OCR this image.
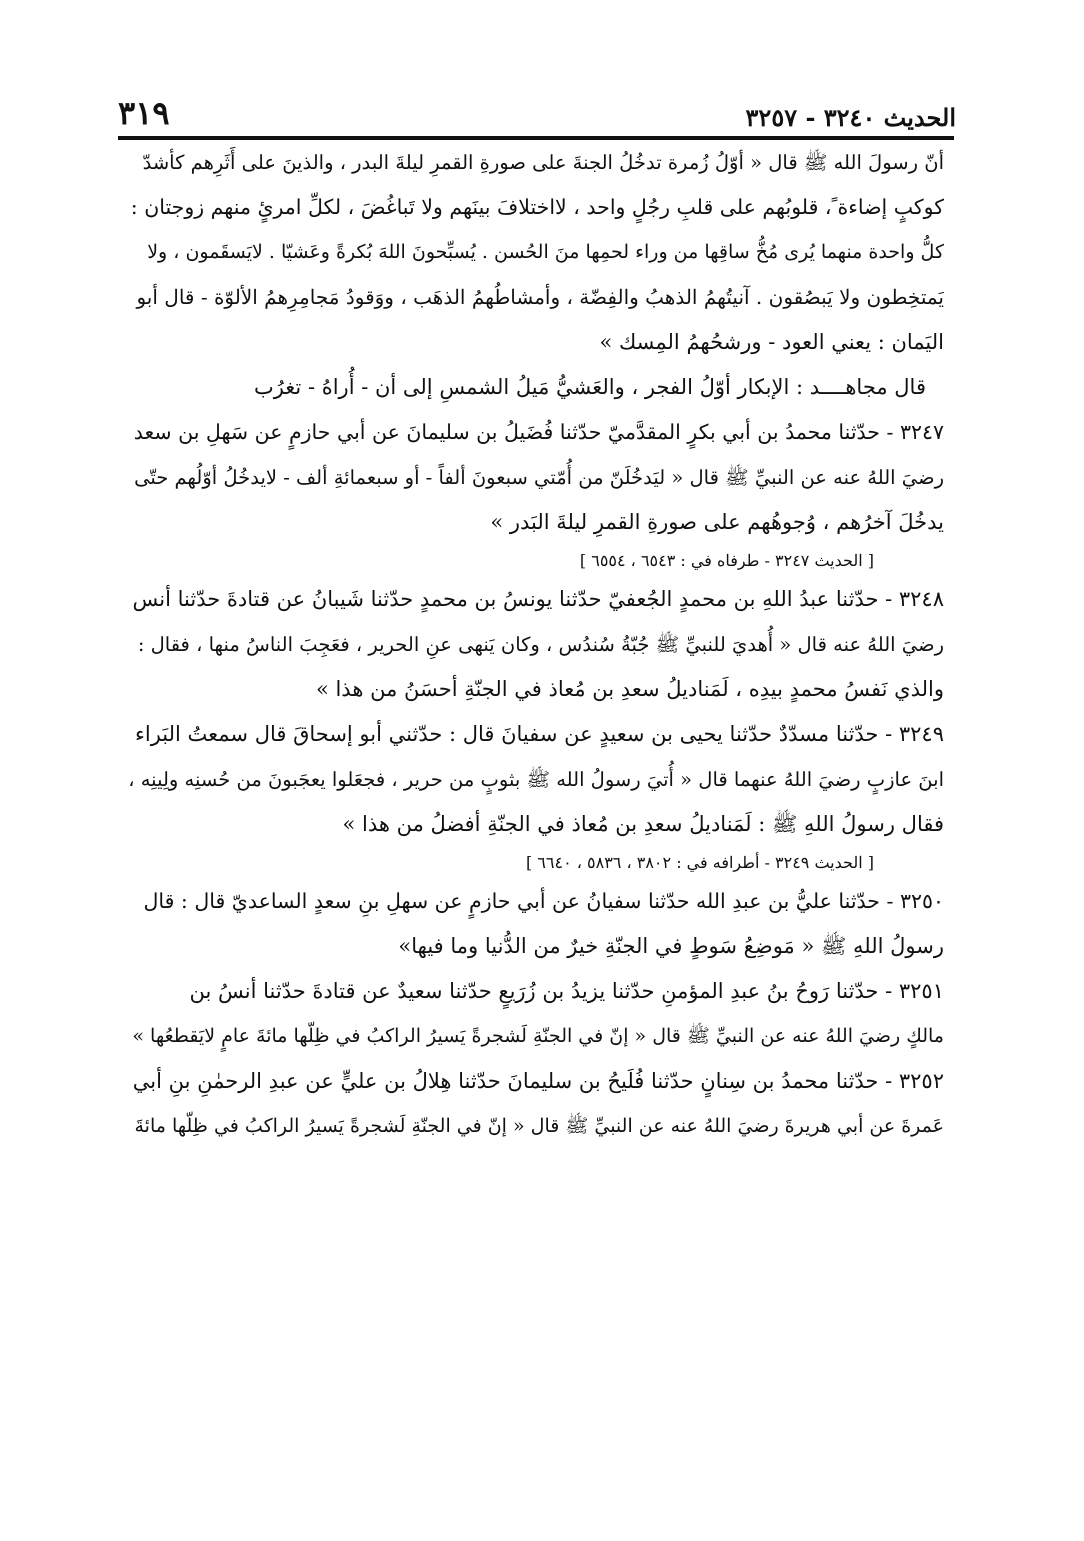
الحديث ٣٢٤٠ - ٣٢٥٧
٣١٩
أنّ رسولَ الله ﷺ قال « أوّلُ زُمرة تدخُلُ الجنةَ على صورةِ القمرِ ليلةَ البدر ، والذينَ على أَثَرِهم كأشدّ
كوكبٍ إضاءة ً، قلوبُهم على قلبِ رجُلٍ واحد ، لااختلافَ بينَهم ولا تَباغُضَ ، لكلِّ امرئٍ منهم زوجتان :
كلُّ واحدة منهما يُرى مُخُّ ساقِها من وراء لحمِها منَ الحُسن . يُسبِّحونَ اللهَ بُكرةً وعَشيّا . لايَسقَمون ، ولا
يَمتخِطون ولا يَبصُقون . آنيتُهمُ الذهبُ والفِضّة ، وأمشاطُهمُ الذهَب ، ووَقودُ مَجامِرِهمُ الألوّة - قال أبو
اليَمان : يعني العود - ورشحُهمُ المِسك »
قال مجاهــــد : الإبكار أوّلُ الفجر ، والعَشيُّ مَيلُ الشمسِ إلى أن - أُراهُ - تغرُب
٣٢٤٧ - حدّثنا محمدُ بن أبي بكرٍ المقدَّميّ حدّثنا فُضَيلُ بن سليمانَ عن أبي حازمٍ عن سَهلِ بن سعد
رضيَ اللهُ عنه عن النبيِّ ﷺ قال « ليَدخُلَنّ من أُمّتي سبعونَ ألفاً - أو سبعمائةِ ألف - لايدخُلُ أوّلُهم حتّى
يدخُلَ آخرُهم ، وُجوهُهم على صورةِ القمرِ ليلةَ البَدر »
[ الحديث ٣٢٤٧ - طرفاه في : ٦٥٤٣ ، ٦٥٥٤ ]
٣٢٤٨ - حدّثنا عبدُ اللهِ بن محمدٍ الجُعفيّ حدّثنا يونسُ بن محمدٍ حدّثنا شَيبانُ عن قتادةَ حدّثنا أنس
رضيَ اللهُ عنه قال « أُهديَ للنبيِّ ﷺ جُبّةُ سُندُس ، وكان يَنهى عنِ الحرير ، فعَجِبَ الناسُ منها ، فقال :
والذي نَفسُ محمدٍ بيدِه ، لَمَناديلُ سعدِ بن مُعاذ في الجنّةِ أحسَنُ من هذا »
٣٢٤٩ - حدّثنا مسدّدٌ حدّثنا يحيى بن سعيدٍ عن سفيانَ قال : حدّثني أبو إسحاقَ قال سمعتُ البَراء
ابنَ عازبٍ رضيَ اللهُ عنهما قال « أُتيَ رسولُ الله ﷺ بثوبٍ من حرير ، فجعَلوا يعجَبونَ من حُسنِه ولِينِه ،
فقال رسولُ اللهِ ﷺ : لَمَناديلُ سعدِ بن مُعاذ في الجنّةِ أفضلُ من هذا »
[ الحديث ٣٢٤٩ - أطرافه في : ٣٨٠٢ ، ٥٨٣٦ ، ٦٦٤٠ ]
٣٢٥٠ - حدّثنا عليُّ بن عبدِ الله حدّثنا سفيانُ عن أبي حازمٍ عن سهلِ بنِ سعدٍ الساعديّ قال : قال
رسولُ اللهِ ﷺ « مَوضِعُ سَوطٍ في الجنّةِ خيرٌ من الدُّنيا وما فيها»
٣٢٥١ - حدّثنا رَوحُ بنُ عبدِ المؤمنِ حدّثنا يزيدُ بن زُرَيعٍ حدّثنا سعيدٌ عن قتادةَ حدّثنا أنسُ بن
مالكٍ رضيَ اللهُ عنه عن النبيِّ ﷺ قال « إنّ في الجنّةِ لَشجرةً يَسيرُ الراكبُ في ظِلّها مائةَ عامٍ لايَقطعُها »
٣٢٥٢ - حدّثنا محمدُ بن سِنانٍ حدّثنا فُلَيحُ بن سليمانَ حدّثنا هِلالُ بن عليٍّ عن عبدِ الرحمٰنِ بنِ أبي
عَمرةَ عن أبي هريرةَ رضيَ اللهُ عنه عن النبيِّ ﷺ قال « إنّ في الجنّةِ لَشجرةً يَسيرُ الراكبُ في ظِلّها مائةَ
